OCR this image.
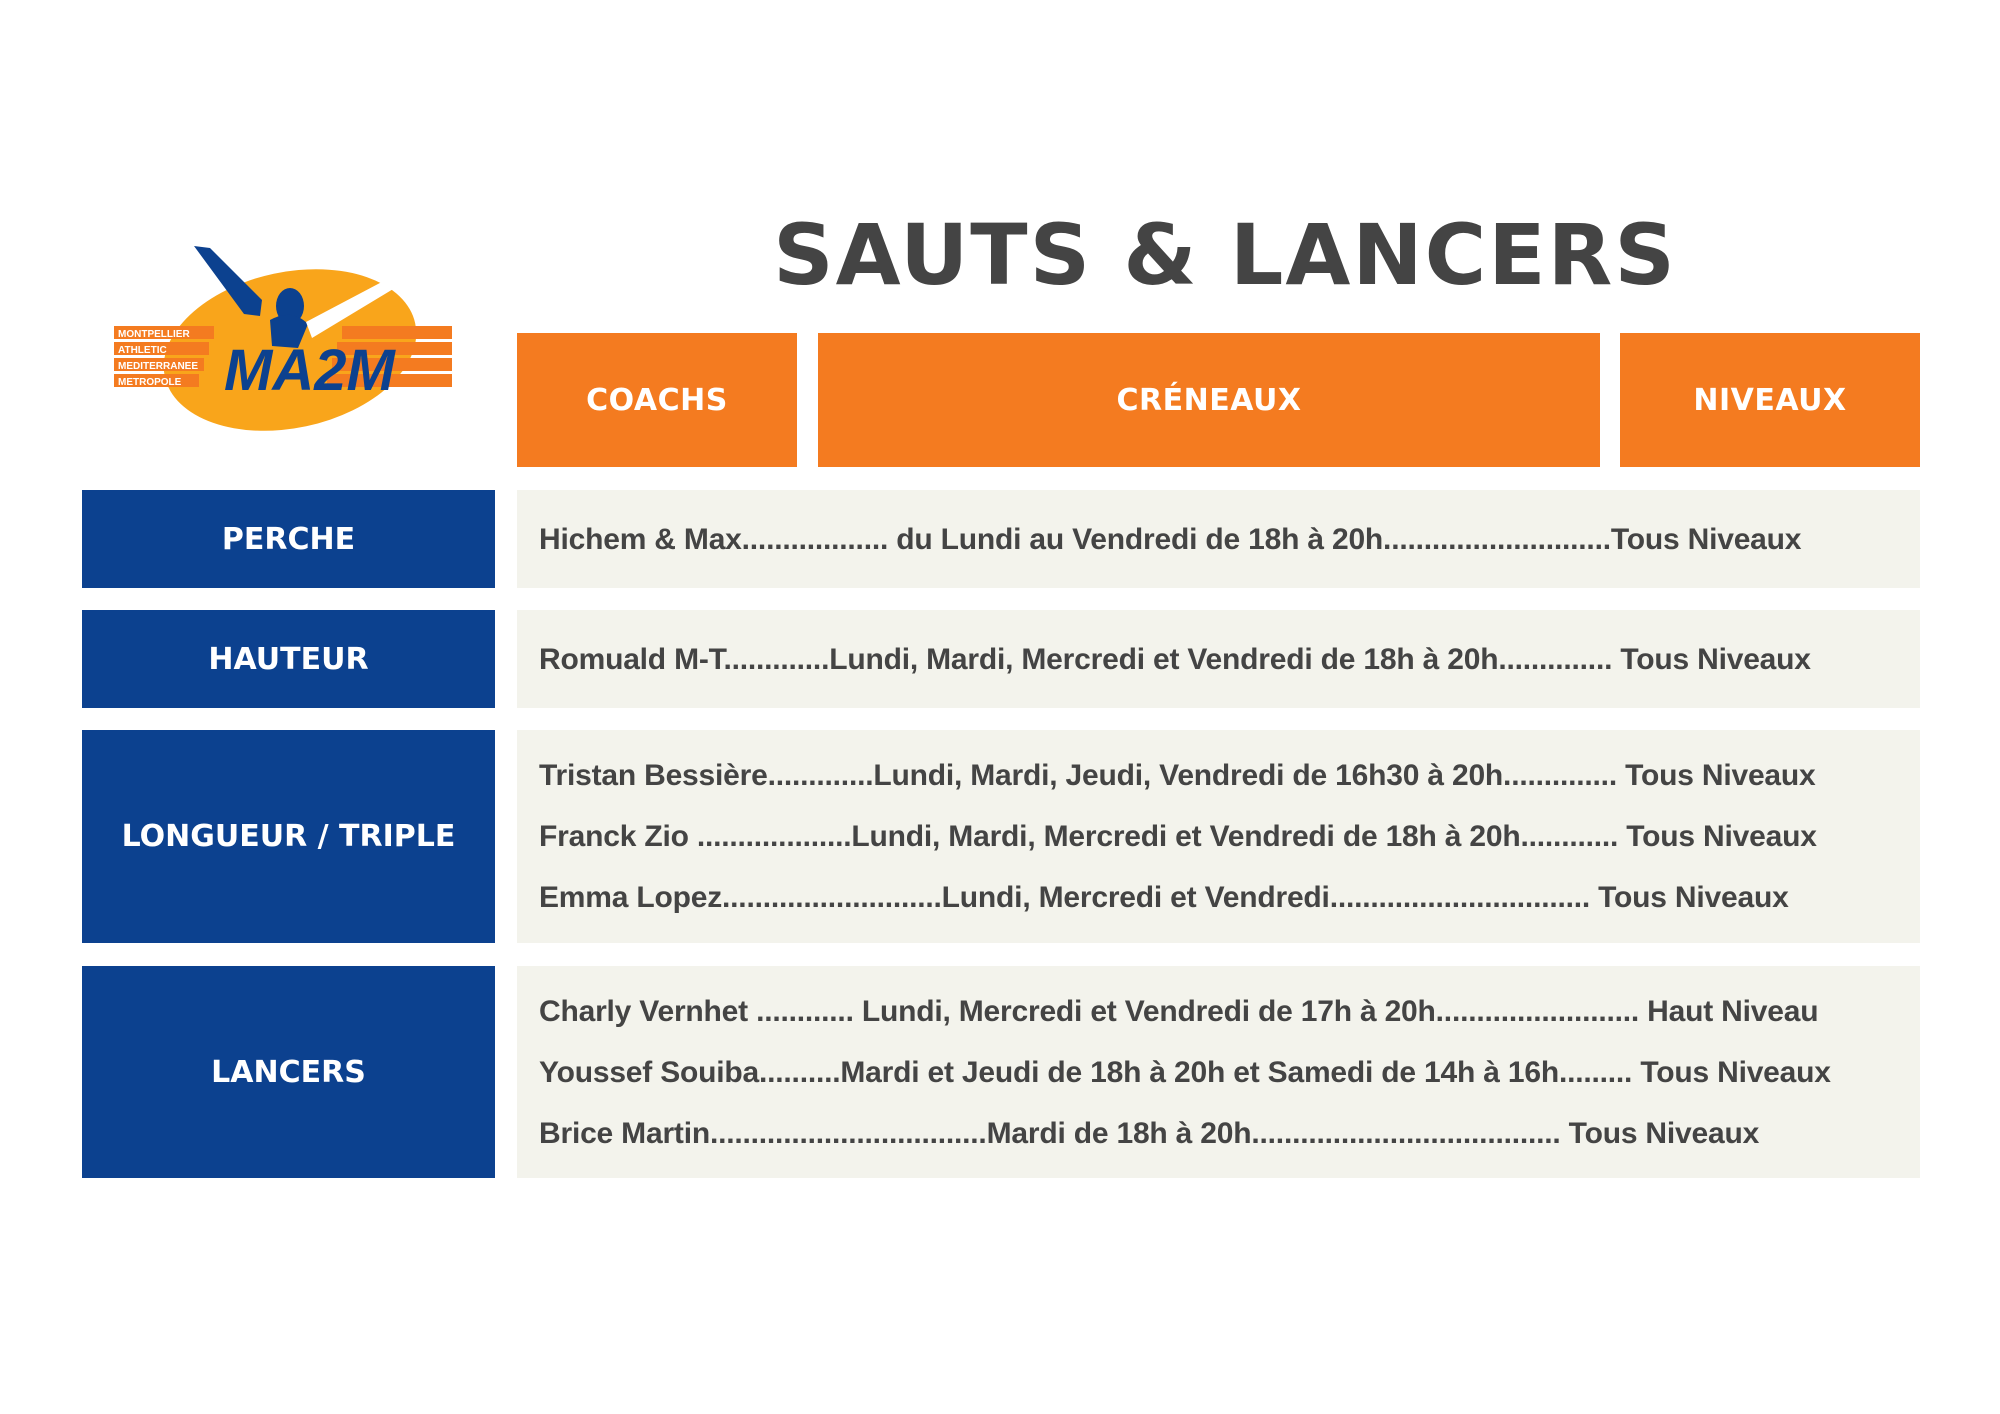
MONTPELLIER
ATHLETIC
MEDITERRANEE
METROPOLE MA2M
SAUTS & LANCERS
COACHS	CRÉNEAUX	NIVEAUX
PERCHE	Hichem & Max.................. du Lundi au Vendredi de 18h à 20h............................Tous Niveaux
HAUTEUR	Romuald M-T.............Lundi, Mardi, Mercredi et Vendredi de 18h à 20h.............. Tous Niveaux
LONGUEUR / TRIPLE
Tristan Bessière.............Lundi, Mardi, Jeudi, Vendredi de 16h30 à 20h.............. Tous Niveaux
Franck Zio ...................Lundi, Mardi, Mercredi et Vendredi de 18h à 20h............ Tous Niveaux
Emma Lopez...........................Lundi, Mercredi et Vendredi................................ Tous Niveaux
LANCERS
Charly Vernhet ............ Lundi, Mercredi et Vendredi de 17h à 20h......................... Haut Niveau
Youssef Souiba..........Mardi et Jeudi de 18h à 20h et Samedi de 14h à 16h......... Tous Niveaux
Brice Martin..................................Mardi de 18h à 20h...................................... Tous Niveaux
